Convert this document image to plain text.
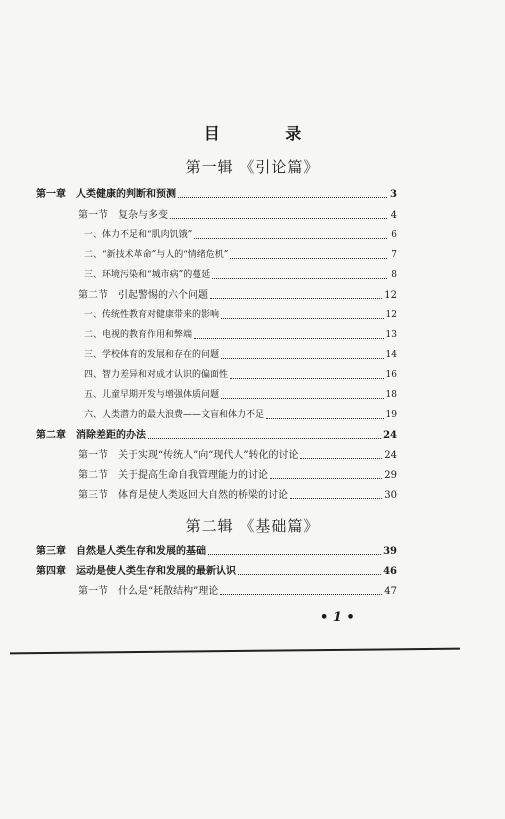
目 录
第一辑 《引论篇》
第一章　人类健康的判断和预测	3
第一节　复杂与多变	4
一、体力不足和“肌肉饥饿”	6
二、“新技术革命”与人的“情绪危机”	7
三、环境污染和“城市病”的蔓延	8
第二节　引起警惕的六个问题	12
一、传统性教育对健康带来的影响	12
二、电视的教育作用和弊端	13
三、学校体育的发展和存在的问题	14
四、智力差异和对成才认识的偏面性	16
五、儿童早期开发与增强体质问题	18
六、人类潜力的最大浪费——文盲和体力不足	19
第二章　消除差距的办法	24
第一节　关于实现“传统人”向“现代人”转化的讨论	24
第二节　关于提高生命自我管理能力的讨论	29
第三节　体育是使人类返回大自然的桥梁的讨论	30
第二辑 《基础篇》
第三章　自然是人类生存和发展的基础	39
第四章　运动是使人类生存和发展的最新认识	46
第一节　什么是“耗散结构”理论	47
• 1 •
